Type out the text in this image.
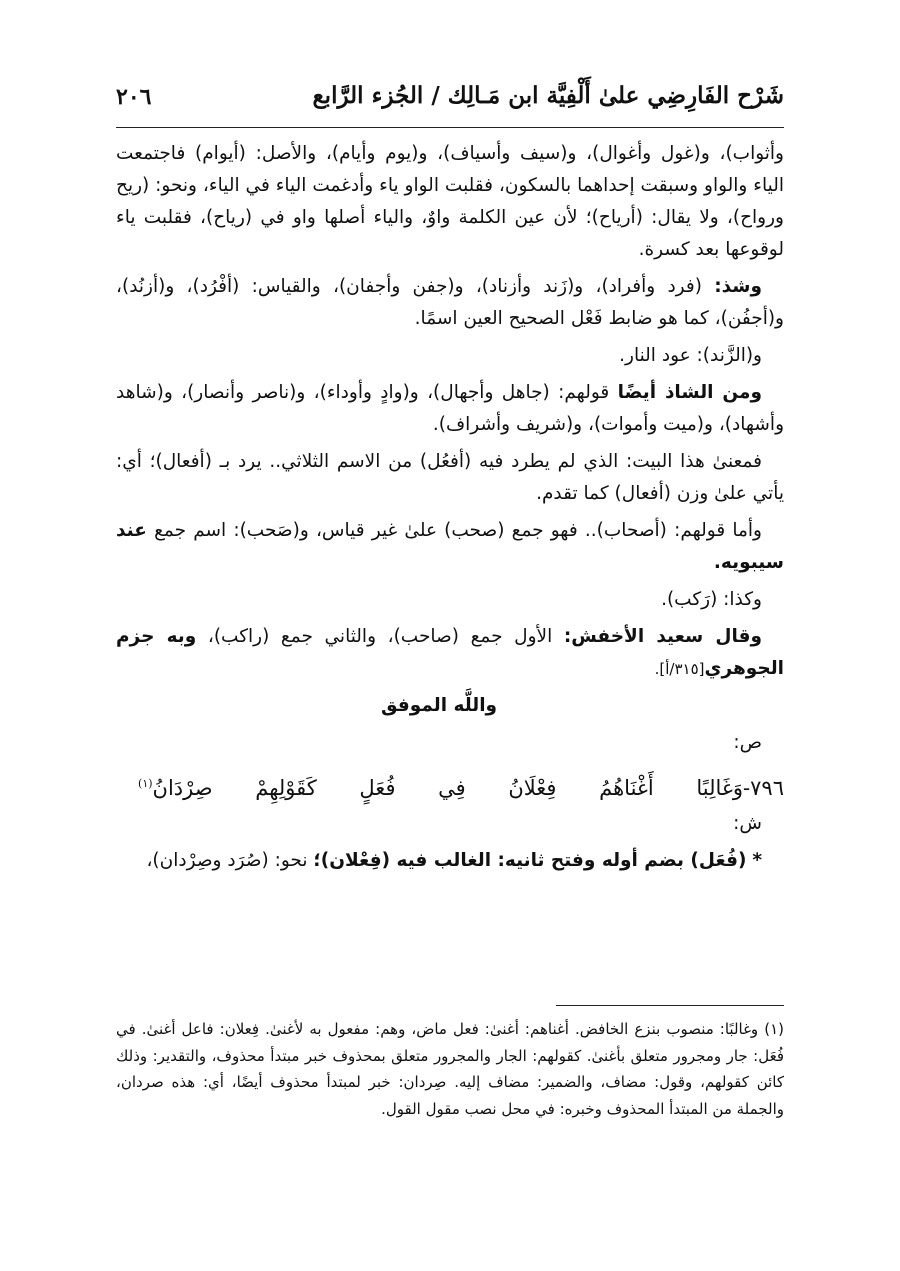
شَرْح الفَارِضِي علىٰ أَلْفِيَّة ابن مَـالِك / الجُزء الرَّابع
٢٠٦

وأثواب)، و(غول وأغوال)، و(سيف وأسياف)، و(يوم وأيام)، والأصل: (أيوام) فاجتمعت الياء والواو وسبقت إحداهما بالسكون، فقلبت الواو ياء وأدغمت الياء في الياء، ونحو: (ريح ورواح)، ولا يقال: (أرياح)؛ لأن عين الكلمة واوٌ، والياء أصلها واو في (رياح)، فقلبت ياء لوقوعها بعد كسرة.

وشذ: (فرد وأفراد)، و(زَند وأزناد)، و(جفن وأجفان)، والقياس: (أفْرُد)، و(أزنُد)، و(أجفُن)، كما هو ضابط فَعْل الصحيح العين اسمًا.

و(الزَّند): عود النار.

ومن الشاذ أيضًا قولهم: (جاهل وأجهال)، و(وادٍ وأوداء)، و(ناصر وأنصار)، و(شاهد وأشهاد)، و(ميت وأموات)، و(شريف وأشراف).

فمعنىٰ هذا البيت: الذي لم يطرد فيه (أفعُل) من الاسم الثلاثي.. يرد بـ (أفعال)؛ أي: يأتي علىٰ وزن (أفعال) كما تقدم.

وأما قولهم: (أصحاب).. فهو جمع (صحب) علىٰ غير قياس، و(صَحب): اسم جمع عند سيبويه.

وكذا: (رَكب).

وقال سعيد الأخفش: الأول جمع (صاحب)، والثاني جمع (راكب)، وبه جزم الجوهري[٣١٥/أ].

واللَّه الموفق

ص:

٧٩٦-وَغَالِبًا
أَغْنَاهُمُ
فِعْلَانُ
فِي
فُعَلٍ
كَقَوْلِهِمْ
صِرْدَانُ$^{(١)}$

ش:

* (فُعَل) بضم أوله وفتح ثانيه: الغالب فيه (فِعْلان)؛ نحو: (صُرَد وصِرْدان)،

(١) وغالبًا: منصوب بنزع الخافض. أغناهم: أغنىٰ: فعل ماض، وهم: مفعول به لأغنىٰ. فِعلان: فاعل أغنىٰ. في فُعَل: جار ومجرور متعلق بأغنىٰ. كقولهم: الجار والمجرور متعلق بمحذوف خبر مبتدأ محذوف، والتقدير: وذلك كائن كقولهم، وقول: مضاف، والضمير: مضاف إليه. صِردان: خبر لمبتدأ محذوف أيضًا، أي: هذه صردان، والجملة من المبتدأ المحذوف وخبره: في محل نصب مقول القول.
